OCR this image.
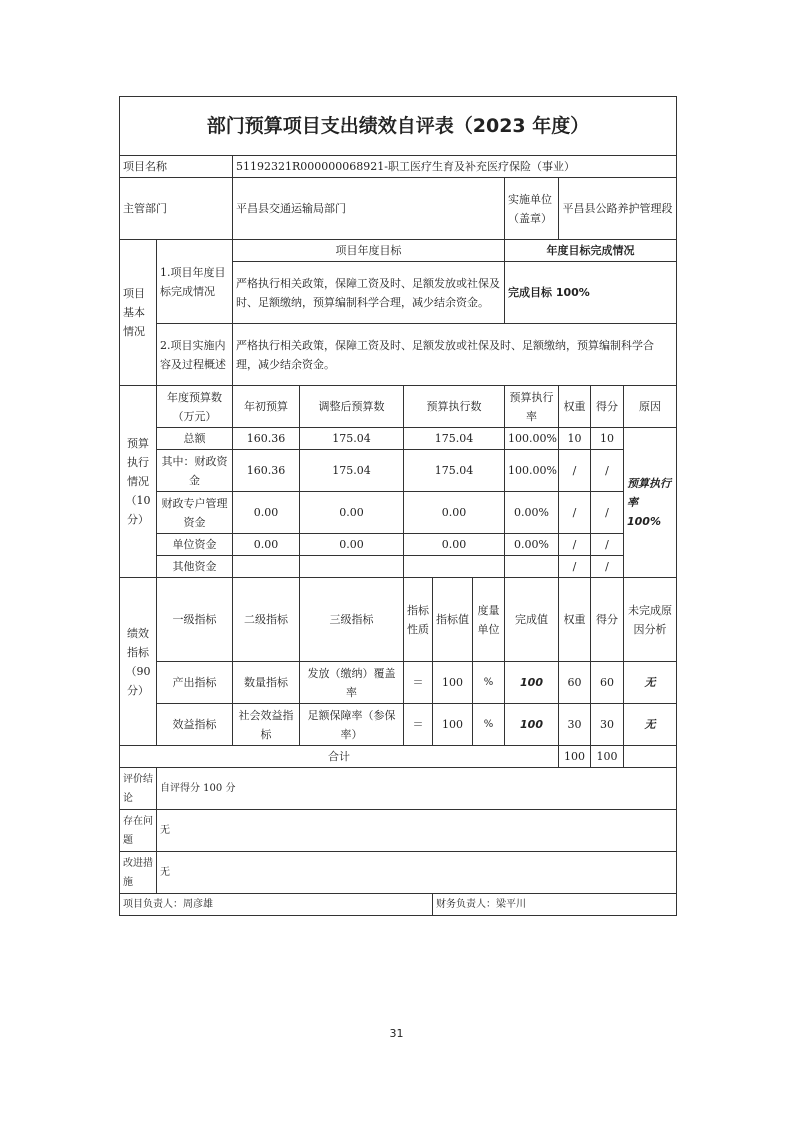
部门预算项目支出绩效自评表（2023 年度）										
项目名称		51192321R000000068921-职工医疗生育及补充医疗保险（事业）								
主管部门		平昌县交通运输局部门					实施单位（盖章）	平昌县公路养护管理段		
项目基本情况	1.项目年度目标完成情况	项目年度目标					年度目标完成情况			
		严格执行相关政策，保障工资及时、足额发放或社保及时、足额缴纳，预算编制科学合理，减少结余资金。					完成目标 100%			
	2.项目实施内容及过程概述	严格执行相关政策，保障工资及时、足额发放或社保及时、足额缴纳，预算编制科学合理，减少结余资金。								
预算执行情况（10分）	年度预算数（万元）	年初预算	调整后预算数	预算执行数			预算执行率	权重	得分	原因
	总额	160.36	175.04	175.04			100.00%	10	10	预算执行率 100%
	其中：财政资金	160.36	175.04	175.04			100.00%	/	/	
	财政专户管理资金	0.00	0.00	0.00			0.00%	/	/	
	单位资金	0.00	0.00	0.00			0.00%	/	/	
	其他资金							/	/	
绩效指标（90分）	一级指标	二级指标	三级指标	指标性质	指标值	度量单位	完成值	权重	得分	未完成原因分析
	产出指标	数量指标	发放（缴纳）覆盖率	＝	100	%	100	60	60	无
	效益指标	社会效益指标	足额保障率（参保率）	＝	100	%	100	30	30	无
合计								100	100	
评价结论	自评得分 100 分									
存在问题	无									
改进措施	无									
项目负责人：周彦雄					财务负责人：梁平川					
31
